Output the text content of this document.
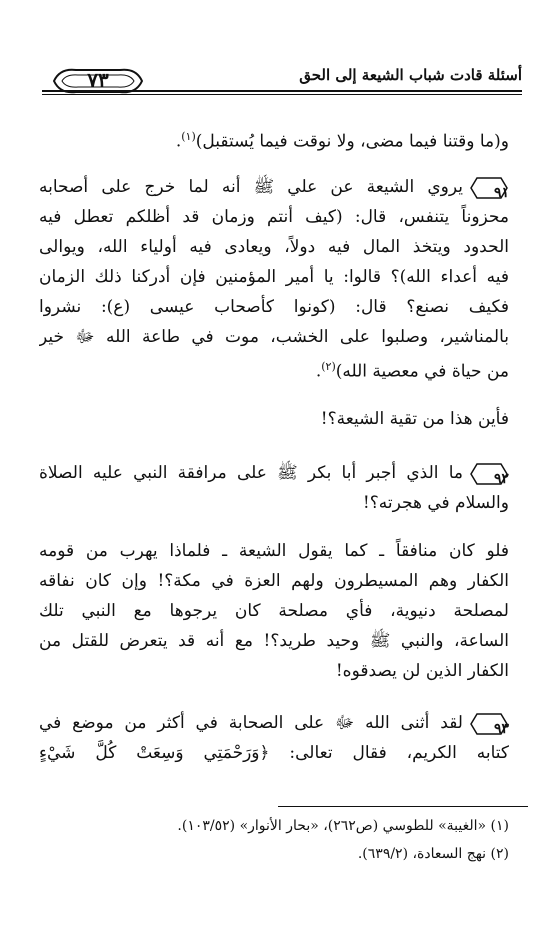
٧٣	أسئلة قادت شباب الشيعة إلى الحق
و(ما وقتنا فيما مضى، ولا نوقت فيما يُستقبل)$^{(١)}$.
٩١
يروي الشيعة عن علي ﷺ أنه لما خرج على أصحابه
محزوناً يتنفس، قال: (كيف أنتم وزمان قد أظلكم تعطل فيه
الحدود ويتخذ المال فيه دولاً، ويعادى فيه أولياء الله، ويوالى
فيه أعداء الله)؟ قالوا: يا أمير المؤمنين فإن أدركنا ذلك الزمان
فكيف نصنع؟ قال: (كونوا كأصحاب عيسى (ع): نشروا
بالمناشير، وصلبوا على الخشب، موت في طاعة الله ﷻ خير
من حياة في معصية الله)$^{(٢)}$.
فأين هذا من تقية الشيعة؟!
٩٢
ما الذي أجبر أبا بكر ﷺ على مرافقة النبي عليه الصلاة
والسلام في هجرته؟!
فلو كان منافقاً ـ كما يقول الشيعة ـ فلماذا يهرب من قومه
الكفار وهم المسيطرون ولهم العزة في مكة؟! وإن كان نفاقه
لمصلحة دنيوية، فأي مصلحة كان يرجوها مع النبي تلك
الساعة، والنبي ﷺ وحيد طريد؟! مع أنه قد يتعرض للقتل من
الكفار الذين لن يصدقوه!
٩٣
لقد أثنى الله ﷻ على الصحابة في أكثر من موضع في
كتابه الكريم، فقال تعالى: ﴿وَرَحْمَتِي وَسِعَتْ كُلَّ شَيْءٍ
(١) «الغيبة» للطوسي (ص٢٦٢)، «بحار الأنوار» (١٠٣/٥٢).
(٢) نهج السعادة، (٦٣٩/٢).
